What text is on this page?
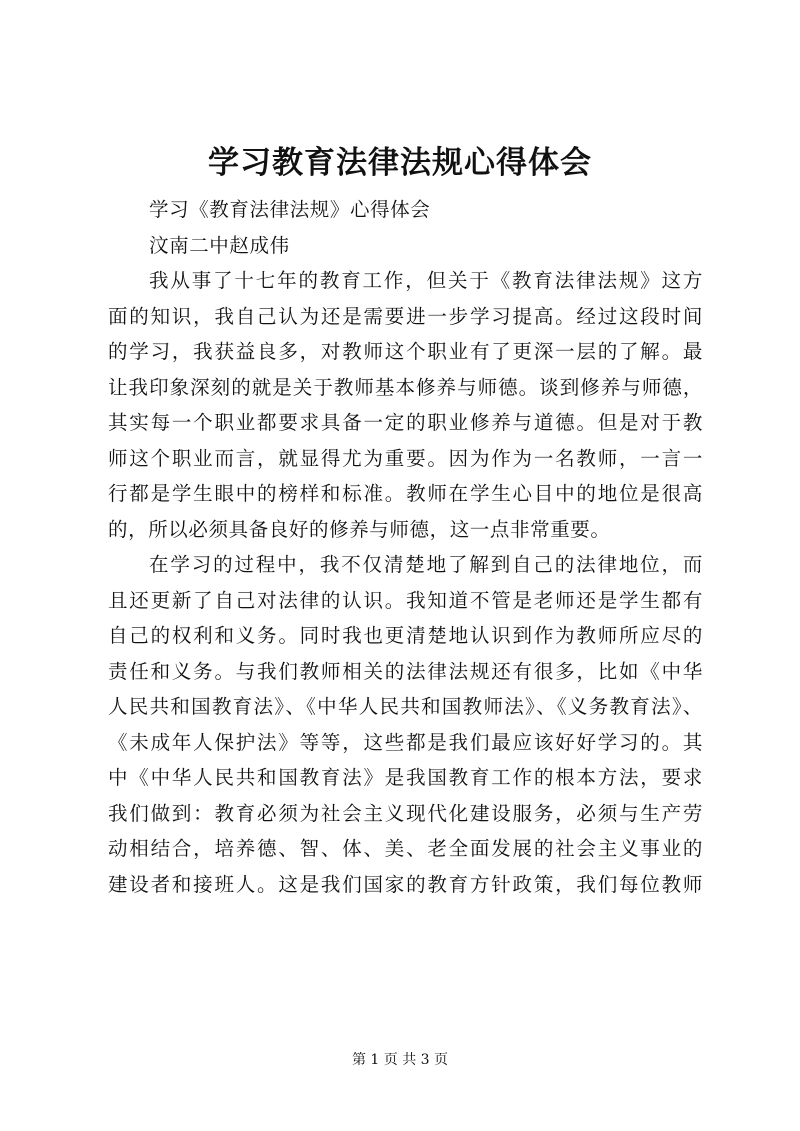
学习教育法律法规心得体会
学习《教育法律法规》心得体会
汶南二中赵成伟
我从事了十七年的教育工作，但关于《教育法律法规》这方
面的知识，我自己认为还是需要进一步学习提高。经过这段时间
的学习，我获益良多，对教师这个职业有了更深一层的了解。最
让我印象深刻的就是关于教师基本修养与师德。谈到修养与师德，
其实每一个职业都要求具备一定的职业修养与道德。但是对于教
师这个职业而言，就显得尤为重要。因为作为一名教师，一言一
行都是学生眼中的榜样和标准。教师在学生心目中的地位是很高
的，所以必须具备良好的修养与师德，这一点非常重要。
在学习的过程中，我不仅清楚地了解到自己的法律地位，而
且还更新了自己对法律的认识。我知道不管是老师还是学生都有
自己的权利和义务。同时我也更清楚地认识到作为教师所应尽的
责任和义务。与我们教师相关的法律法规还有很多，比如《中华
人民共和国教育法》、《中华人民共和国教师法》、《义务教育法》、
《未成年人保护法》等等，这些都是我们最应该好好学习的。其
中《中华人民共和国教育法》是我国教育工作的根本方法，要求
我们做到：教育必须为社会主义现代化建设服务，必须与生产劳
动相结合，培养德、智、体、美、老全面发展的社会主义事业的
建设者和接班人。这是我们国家的教育方针政策，我们每位教师
第 1 页 共 3 页
